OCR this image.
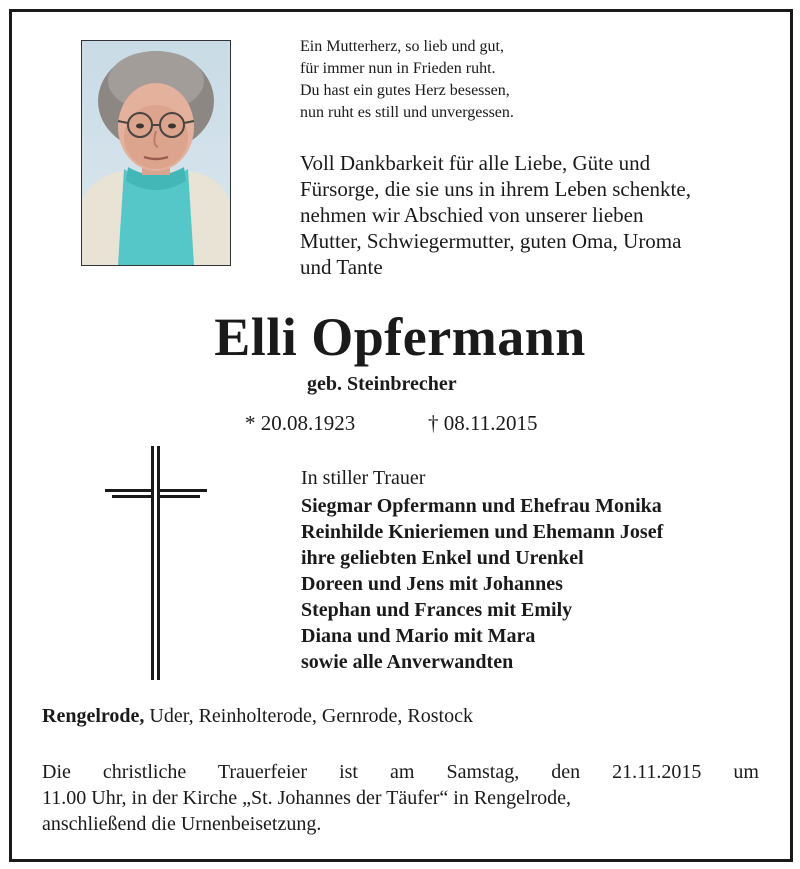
Ein Mutterherz, so lieb und gut,
für immer nun in Frieden ruht.
Du hast ein gutes Herz besessen,
nun ruht es still und unvergessen.
Voll Dankbarkeit für alle Liebe, Güte und
Fürsorge, die sie uns in ihrem Leben schenkte,
nehmen wir Abschied von unserer lieben
Mutter, Schwiegermutter, guten Oma, Uroma
und Tante
Elli Opfermann
geb. Steinbrecher
* 20.08.1923	† 08.11.2015
In stiller Trauer
Siegmar Opfermann und Ehefrau Monika
Reinhilde Knieriemen und Ehemann Josef
ihre geliebten Enkel und Urenkel
Doreen und Jens mit Johannes
Stephan und Frances mit Emily
Diana und Mario mit Mara
sowie alle Anverwandten
Rengelrode, Uder, Reinholterode, Gernrode, Rostock
Die christliche Trauerfeier ist am Samstag, den 21.11.2015 um
11.00 Uhr, in der Kirche „St. Johannes der Täufer“ in Rengelrode,
anschließend die Urnenbeisetzung.
